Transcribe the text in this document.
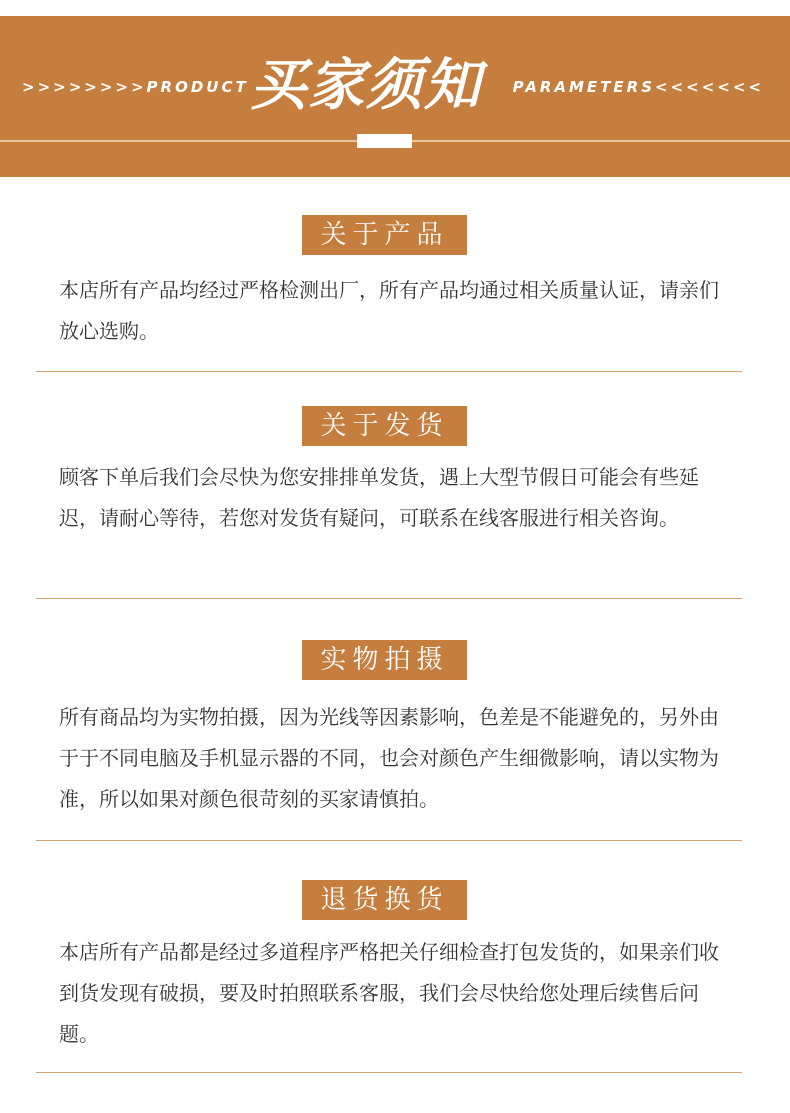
>>>>>>>>PRODUCT 买家须知	PARAMETERS<<<<<<<
关于产品
本店所有产品均经过严格检测出厂，所有产品均通过相关质量认证，请亲们放心选购。
关于发货
顾客下单后我们会尽快为您安排排单发货，遇上大型节假日可能会有些延迟，请耐心等待，若您对发货有疑问，可联系在线客服进行相关咨询。
实物拍摄
所有商品均为实物拍摄，因为光线等因素影响，色差是不能避免的，另外由于于不同电脑及手机显示器的不同，也会对颜色产生细微影响，请以实物为准，所以如果对颜色很苛刻的买家请慎拍。
退货换货
本店所有产品都是经过多道程序严格把关仔细检查打包发货的，如果亲们收到货发现有破损，要及时拍照联系客服，我们会尽快给您处理后续售后问题。
